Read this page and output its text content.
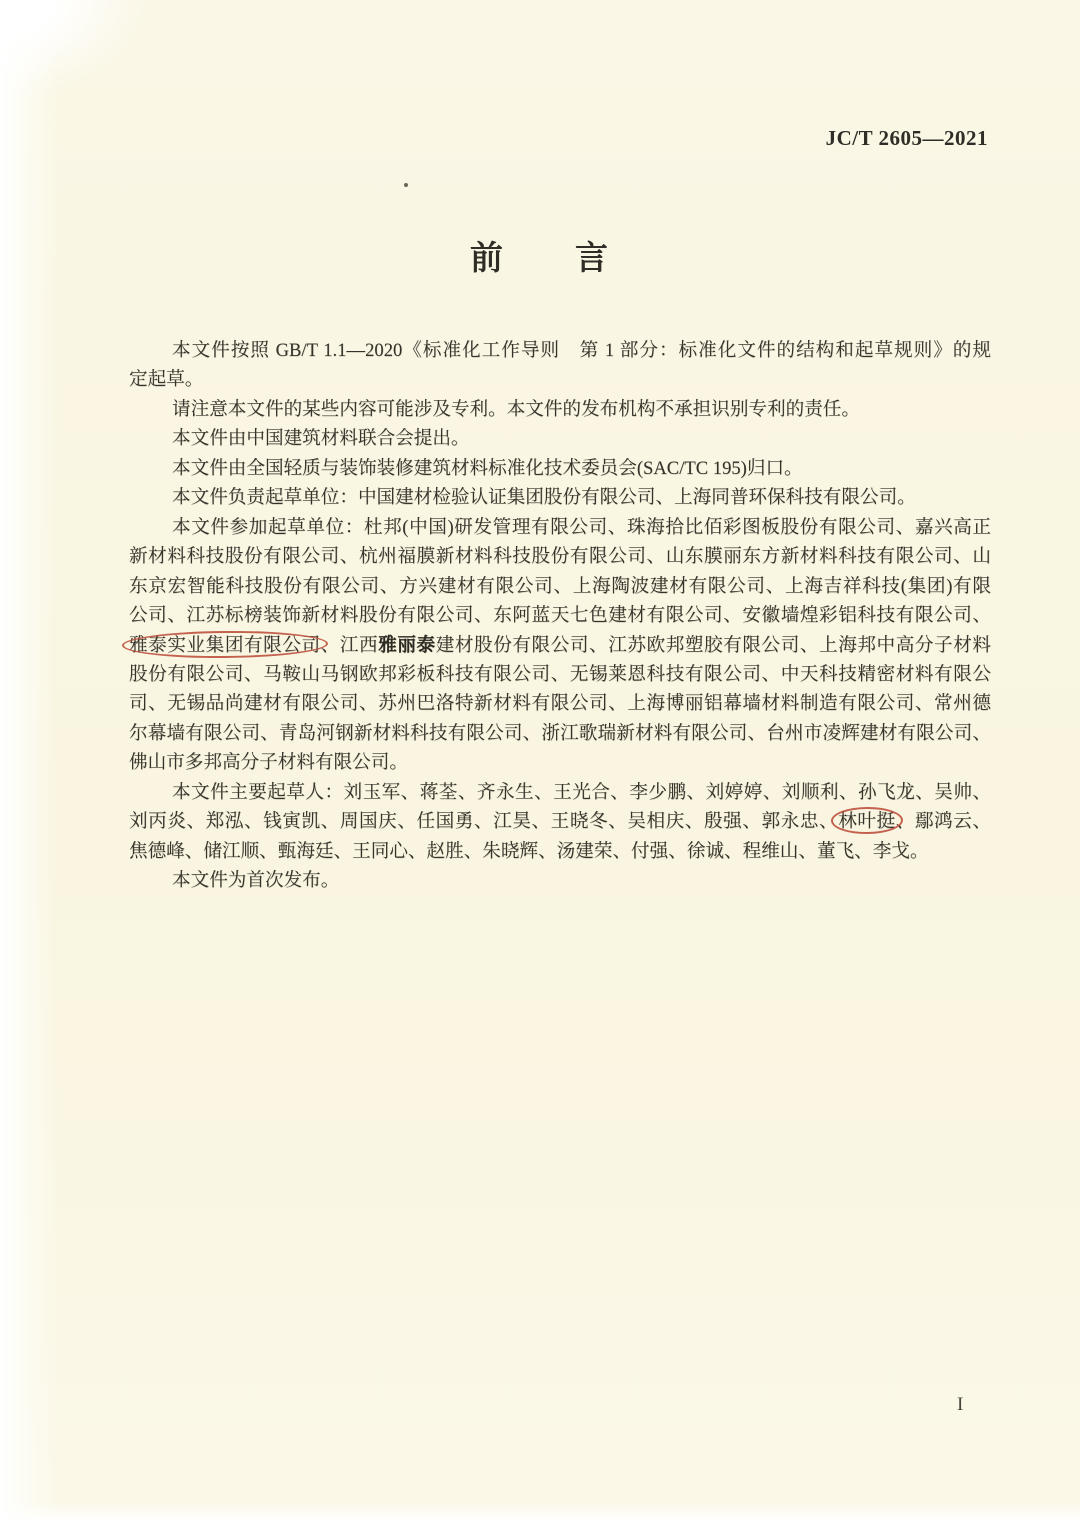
JC/T 2605—2021
前　　言
本文件按照 GB/T 1.1—2020《标准化工作导则　第 1 部分：标准化文件的结构和起草规则》的规
定起草。
请注意本文件的某些内容可能涉及专利。本文件的发布机构不承担识别专利的责任。
本文件由中国建筑材料联合会提出。
本文件由全国轻质与装饰装修建筑材料标准化技术委员会(SAC/TC 195)归口。
本文件负责起草单位：中国建材检验认证集团股份有限公司、上海同普环保科技有限公司。
本文件参加起草单位：杜邦(中国)研发管理有限公司、珠海拾比佰彩图板股份有限公司、嘉兴高正
新材料科技股份有限公司、杭州福膜新材料科技股份有限公司、山东膜丽东方新材料科技有限公司、山
东京宏智能科技股份有限公司、方兴建材有限公司、上海陶波建材有限公司、上海吉祥科技(集团)有限
公司、江苏标榜装饰新材料股份有限公司、东阿蓝天七色建材有限公司、安徽墙煌彩铝科技有限公司、
雅泰实业集团有限公司、江西雅丽泰建材股份有限公司、江苏欧邦塑胶有限公司、上海邦中高分子材料
股份有限公司、马鞍山马钢欧邦彩板科技有限公司、无锡莱恩科技有限公司、中天科技精密材料有限公
司、无锡品尚建材有限公司、苏州巴洛特新材料有限公司、上海博丽铝幕墙材料制造有限公司、常州德
尔幕墙有限公司、青岛河钢新材料科技有限公司、浙江歌瑞新材料有限公司、台州市凌辉建材有限公司、
佛山市多邦高分子材料有限公司。
本文件主要起草人：刘玉军、蒋荃、齐永生、王光合、李少鹏、刘婷婷、刘顺利、孙飞龙、吴帅、
刘丙炎、郑泓、钱寅凯、周国庆、任国勇、江昊、王晓冬、吴相庆、殷强、郭永忠、林叶挺、鄢鸿云、
焦德峰、储江顺、甄海廷、王同心、赵胜、朱晓辉、汤建荣、付强、徐诚、程维山、董飞、李戈。
本文件为首次发布。
I
